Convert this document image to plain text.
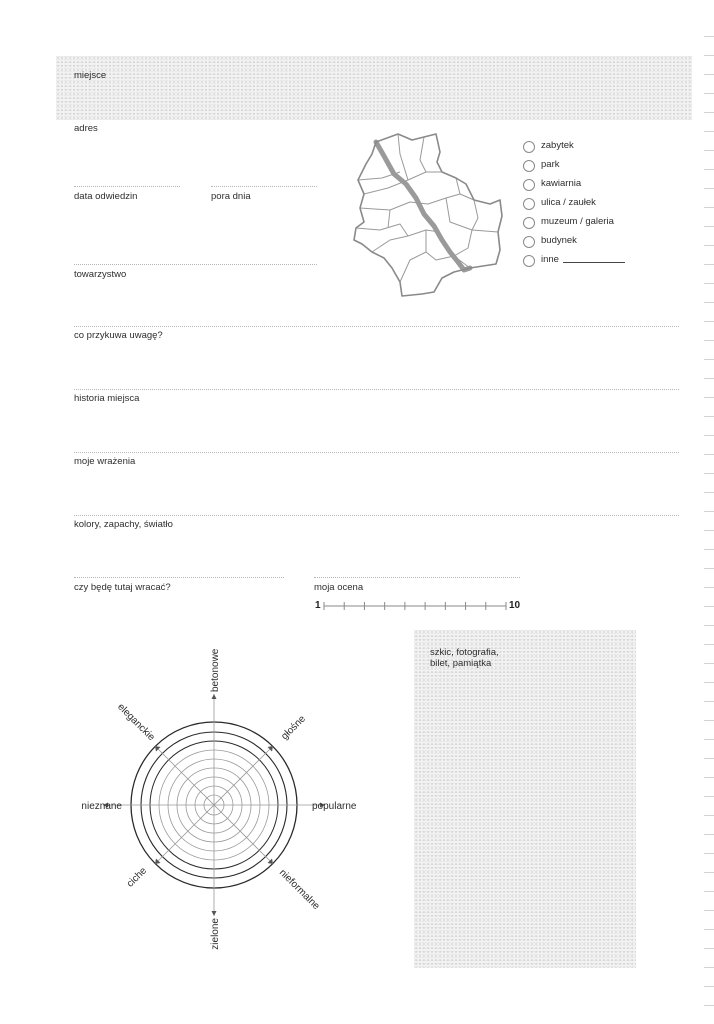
miejsce
adres
data odwiedzin	pora dnia
towarzystwo
zabytek
park
kawiarnia
ulica / zaułek
muzeum / galeria
budynek
inne
co przykuwa uwagę?
historia miejsca
moje wrażenia
kolory, zapachy, światło
czy będę tutaj wracać?	moja ocena
1	10
szkic, fotografia,
bilet, pamiątka
betonowe
głośne
popularne
nieformalne
zielone
ciche
nieznane
eleganckie
